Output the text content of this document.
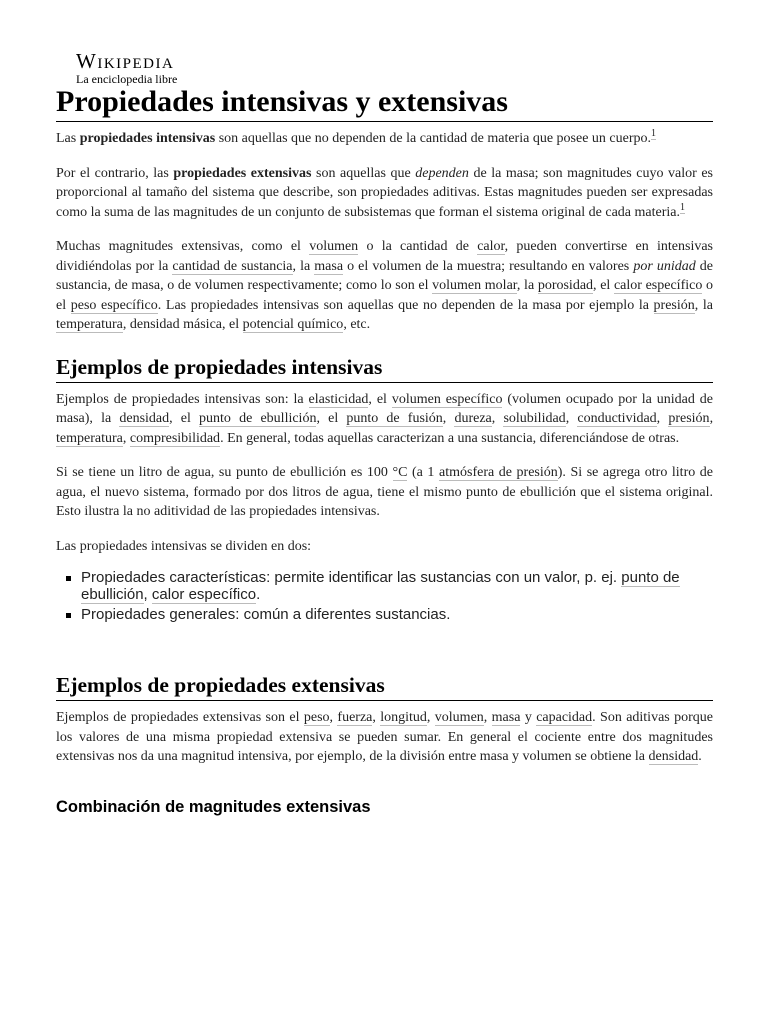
Wikipedia
La enciclopedia libre
Propiedades intensivas y extensivas

Las propiedades intensivas son aquellas que no dependen de la cantidad de materia que posee un cuerpo.$^1$

Por el contrario, las propiedades extensivas son aquellas que dependen de la masa; son magnitudes cuyo valor es proporcional al tamaño del sistema que describe, son propiedades aditivas. Estas magnitudes pueden ser expresadas como la suma de las magnitudes de un conjunto de subsistemas que forman el sistema original de cada materia.$^1$

Muchas magnitudes extensivas, como el volumen o la cantidad de calor, pueden convertirse en intensivas dividiéndolas por la cantidad de sustancia, la masa o el volumen de la muestra; resultando en valores por unidad de sustancia, de masa, o de volumen respectivamente; como lo son el volumen molar, la porosidad, el calor específico o el peso específico. Las propiedades intensivas son aquellas que no dependen de la masa por ejemplo la presión, la temperatura, densidad másica, el potencial químico, etc.

Ejemplos de propiedades intensivas

Ejemplos de propiedades intensivas son: la elasticidad, el volumen específico (volumen ocupado por la unidad de masa), la densidad, el punto de ebullición, el punto de fusión, dureza, solubilidad, conductividad, presión, temperatura, compresibilidad. En general, todas aquellas caracterizan a una sustancia, diferenciándose de otras.

Si se tiene un litro de agua, su punto de ebullición es 100 °C (a 1 atmósfera de presión). Si se agrega otro litro de agua, el nuevo sistema, formado por dos litros de agua, tiene el mismo punto de ebullición que el sistema original. Esto ilustra la no aditividad de las propiedades intensivas.

Las propiedades intensivas se dividen en dos:

Propiedades características: permite identificar las sustancias con un valor, p. ej. punto de ebullición, calor específico.
Propiedades generales: común a diferentes sustancias.
Ejemplos de propiedades extensivas

Ejemplos de propiedades extensivas son el peso, fuerza, longitud, volumen, masa y capacidad. Son aditivas porque los valores de una misma propiedad extensiva se pueden sumar. En general el cociente entre dos magnitudes extensivas nos da una magnitud intensiva, por ejemplo, de la división entre masa y volumen se obtiene la densidad.

Combinación de magnitudes extensivas
